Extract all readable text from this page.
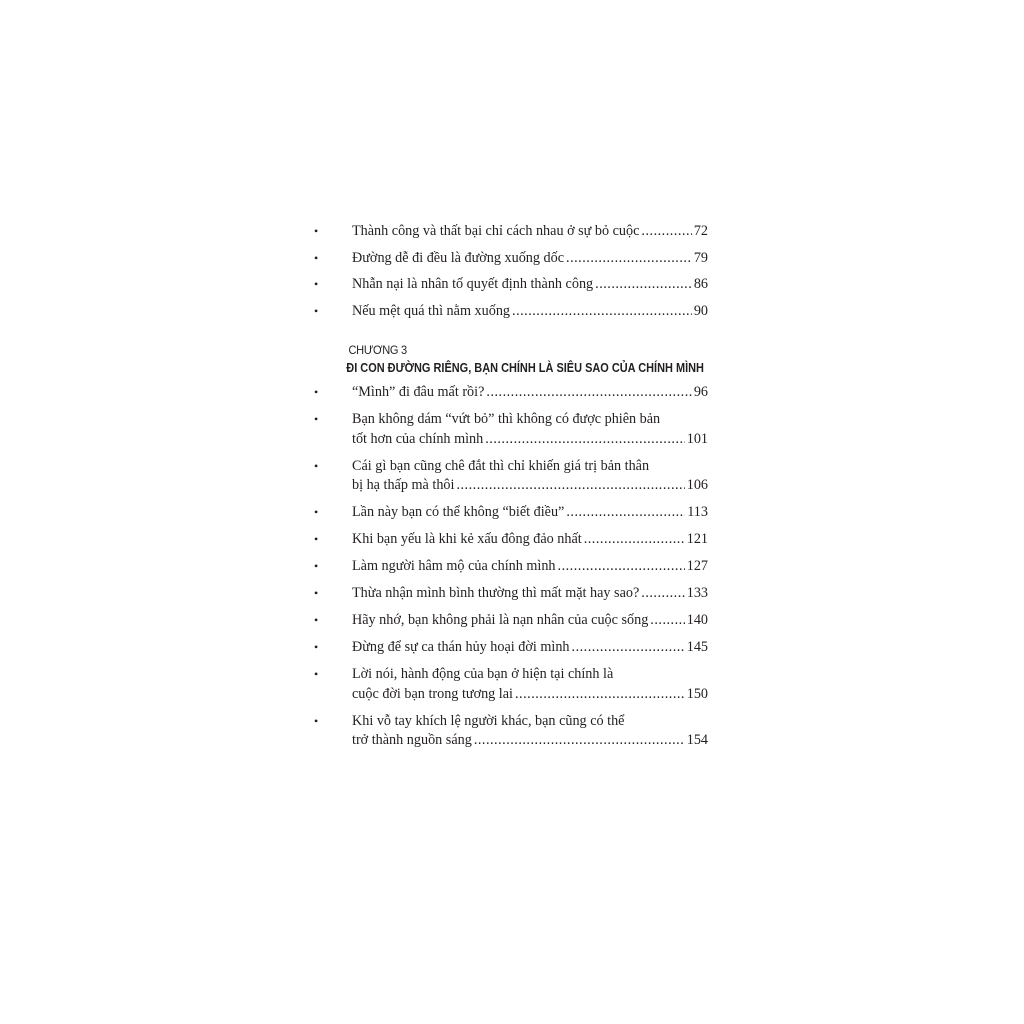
• Thành công và thất bại chỉ cách nhau ở sự bỏ cuộc .....	72
• Đường dễ đi đều là đường xuống dốc .....	79
• Nhẫn nại là nhân tố quyết định thành công .....	86
• Nếu mệt quá thì nằm xuống .....	90
CHƯƠNG 3
ĐI CON ĐƯỜNG RIÊNG, BẠN CHÍNH LÀ SIÊU SAO CỦA CHÍNH MÌNH
• “Mình” đi đâu mất rồi? .....	96
• Bạn không dám “vứt bỏ” thì không có được phiên bản
tốt hơn của chính mình .....	101
• Cái gì bạn cũng chê đắt thì chỉ khiến giá trị bản thân
bị hạ thấp mà thôi .....	106
• Lần này bạn có thể không “biết điều” .....	113
• Khi bạn yếu là khi kẻ xấu đông đảo nhất .....	121
• Làm người hâm mộ của chính mình .....	127
• Thừa nhận mình bình thường thì mất mặt hay sao? .....	133
• Hãy nhớ, bạn không phải là nạn nhân của cuộc sống .....	140
• Đừng để sự ca thán hủy hoại đời mình .....	145
• Lời nói, hành động của bạn ở hiện tại chính là
cuộc đời bạn trong tương lai .....	150
• Khi vỗ tay khích lệ người khác, bạn cũng có thể
trở thành nguồn sáng .....	154
